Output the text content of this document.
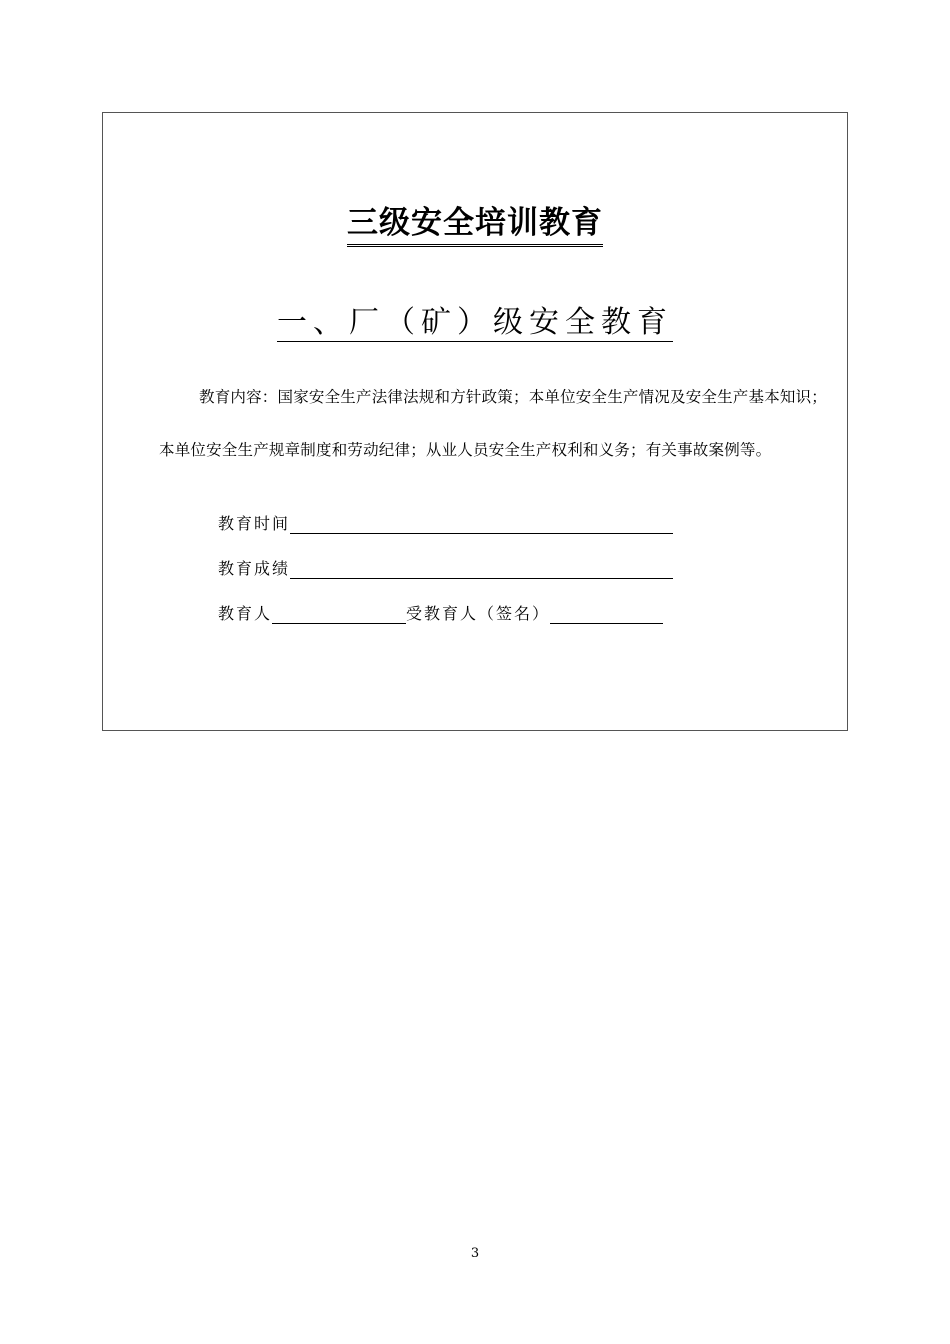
三级安全培训教育
一、厂（矿）级安全教育
教育内容：国家安全生产法律法规和方针政策；本单位安全生产情况及安全生产基本知识；本单位安全生产规章制度和劳动纪律；从业人员安全生产权利和义务；有关事故案例等。
教育时间
教育成绩
教育人	受教育人（签名）
3
